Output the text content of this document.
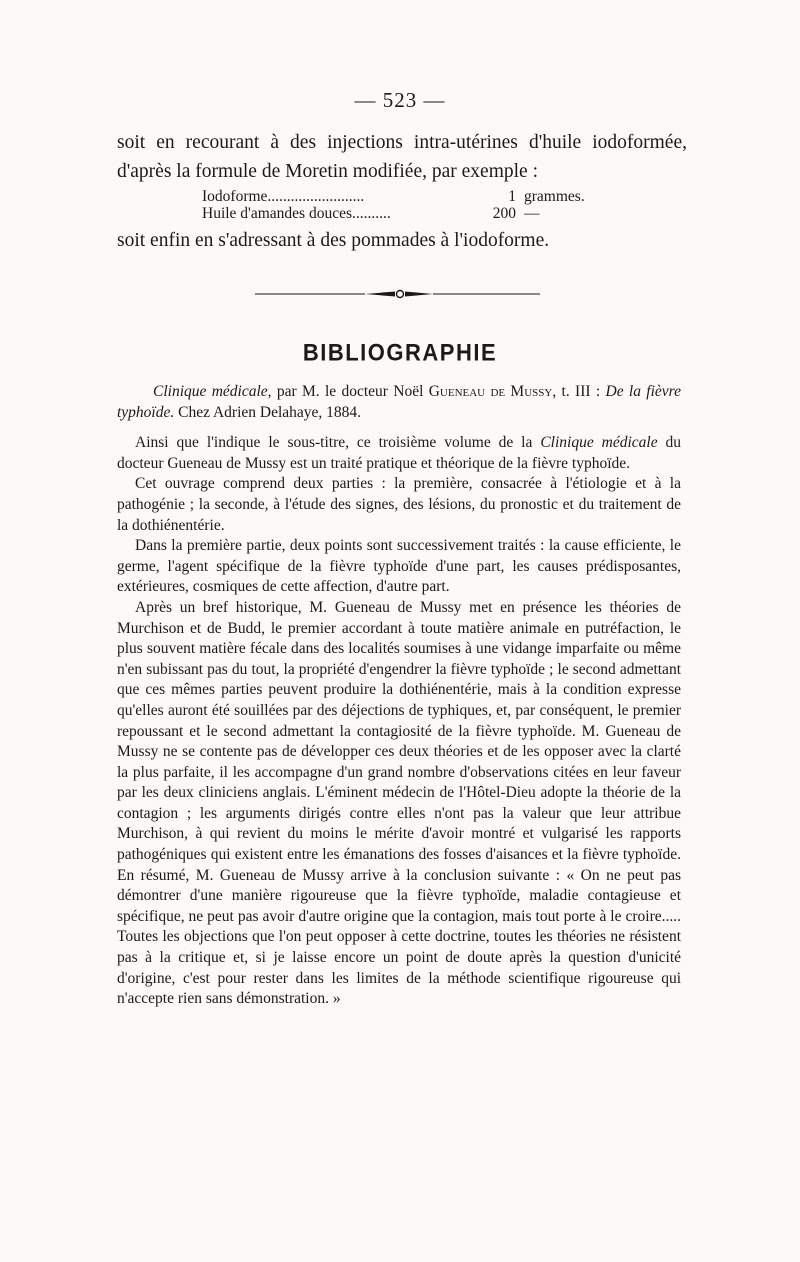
— 523 —

soit en recourant à des injections intra-utérines d'huile iodoformée, d'après la formule de Moretin modifiée, par exemple :

Iodoforme.........................	1 grammes.
Huile d'amandes douces..........	200 —

soit enfin en s'adressant à des pommades à l'iodoforme.

BIBLIOGRAPHIE

Clinique médicale, par M. le docteur Noël Gueneau de Mussy, t. III : De la fièvre typhoïde. Chez Adrien Delahaye, 1884.

Ainsi que l'indique le sous-titre, ce troisième volume de la Clinique médicale du docteur Gueneau de Mussy est un traité pratique et théorique de la fièvre typhoïde.

Cet ouvrage comprend deux parties : la première, consacrée à l'étiologie et à la pathogénie ; la seconde, à l'étude des signes, des lésions, du pronostic et du traitement de la dothiénentérie.

Dans la première partie, deux points sont successivement traités : la cause efficiente, le germe, l'agent spécifique de la fièvre typhoïde d'une part, les causes prédisposantes, extérieures, cosmiques de cette affection, d'autre part.

Après un bref historique, M. Gueneau de Mussy met en présence les théories de Murchison et de Budd, le premier accordant à toute matière animale en putréfaction, le plus souvent matière fécale dans des localités soumises à une vidange imparfaite ou même n'en subissant pas du tout, la propriété d'engendrer la fièvre typhoïde ; le second admettant que ces mêmes parties peuvent produire la dothiénentérie, mais à la condition expresse qu'elles auront été souillées par des déjections de typhiques, et, par conséquent, le premier repoussant et le second admettant la contagiosité de la fièvre typhoïde. M. Gueneau de Mussy ne se contente pas de développer ces deux théories et de les opposer avec la clarté la plus parfaite, il les accompagne d'un grand nombre d'observations citées en leur faveur par les deux cliniciens anglais. L'éminent médecin de l'Hôtel-Dieu adopte la théorie de la contagion ; les arguments dirigés contre elles n'ont pas la valeur que leur attribue Murchison, à qui revient du moins le mérite d'avoir montré et vulgarisé les rapports pathogéniques qui existent entre les émanations des fosses d'aisances et la fièvre typhoïde. En résumé, M. Gueneau de Mussy arrive à la conclusion suivante : « On ne peut pas démontrer d'une manière rigoureuse que la fièvre typhoïde, maladie contagieuse et spécifique, ne peut pas avoir d'autre origine que la contagion, mais tout porte à le croire..... Toutes les objections que l'on peut opposer à cette doctrine, toutes les théories ne résistent pas à la critique et, si je laisse encore un point de doute après la question d'unicité d'origine, c'est pour rester dans les limites de la méthode scientifique rigoureuse qui n'accepte rien sans démonstration. »
